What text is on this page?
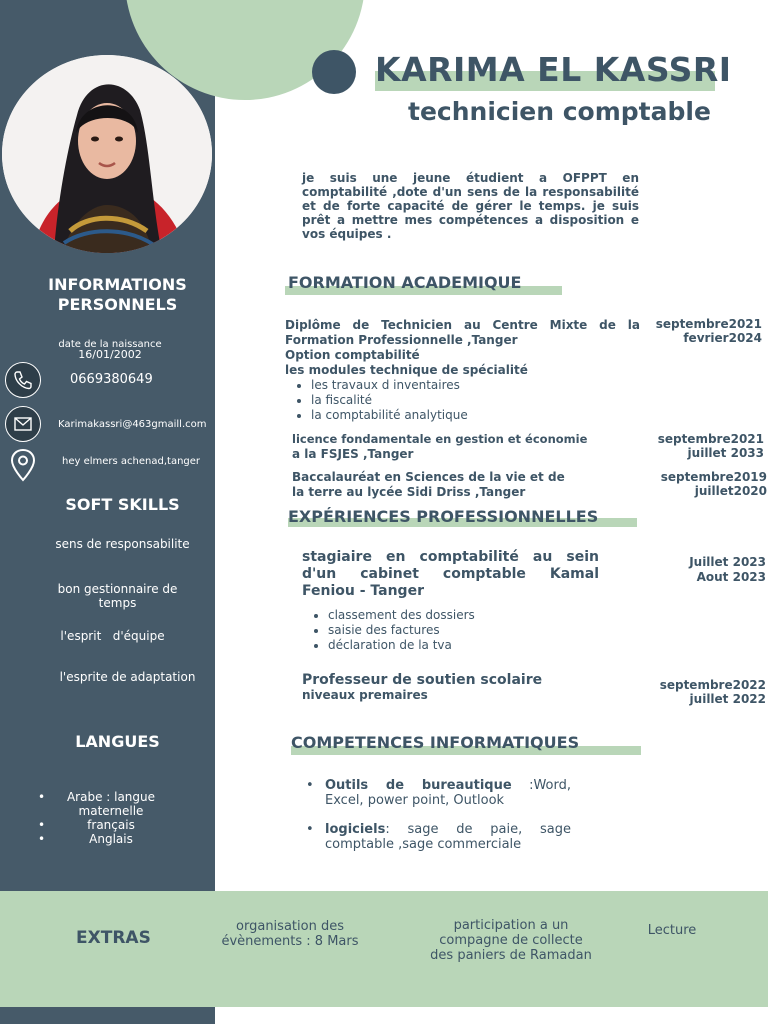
KARIMA EL KASSRI
technicien comptable
je suis une jeune étudient a OFPPT en comptabilité ,dote d'un sens de la responsabilité et de forte capacité de gérer le temps. je suis prêt a mettre mes compétences a disposition e vos équipes .
INFORMATIONS PERSONNELS
date de la naissance
16/01/2002
0669380649
Karimakassri@463gmaill.com
hey elmers achenad,tanger
SOFT SKILLS
sens de responsabilite
bon gestionnaire de temps
l'esprit   d'équipe
l'esprite de adaptation
LANGUES
•	Arabe : langue maternelle
•	français
•	Anglais
FORMATION ACADEMIQUE
Diplôme de Technicien au Centre Mixte de la
Formation Professionnelle ,Tanger
Option comptabilité
les modules technique de spécialité
• les travaux d inventaires
• la fiscalité
• la comptabilité analytique
septembre2021
fevrier2024
licence fondamentale en gestion et économie
a la FSJES ,Tanger
septembre2021
juillet 2033
Baccalauréat en Sciences de la vie et de
la terre au lycée Sidi Driss ,Tanger
septembre2019
juillet2020
EXPÉRIENCES PROFESSIONNELLES
stagiaire en comptabilité au sein
d'un cabinet comptable Kamal
Feniou - Tanger
• classement des dossiers
• saisie des factures
• déclaration de la tva
Juillet 2023
Aout 2023
Professeur de soutien scolaire
niveaux premaires
septembre2022
juillet 2022
COMPETENCES INFORMATIQUES
• Outils de bureautique :Word, Excel, power point, Outlook
• logiciels: sage de paie, sage comptable ,sage commerciale
EXTRAS
organisation des évènements : 8 Mars
participation a un compagne de collecte des paniers de Ramadan
Lecture
